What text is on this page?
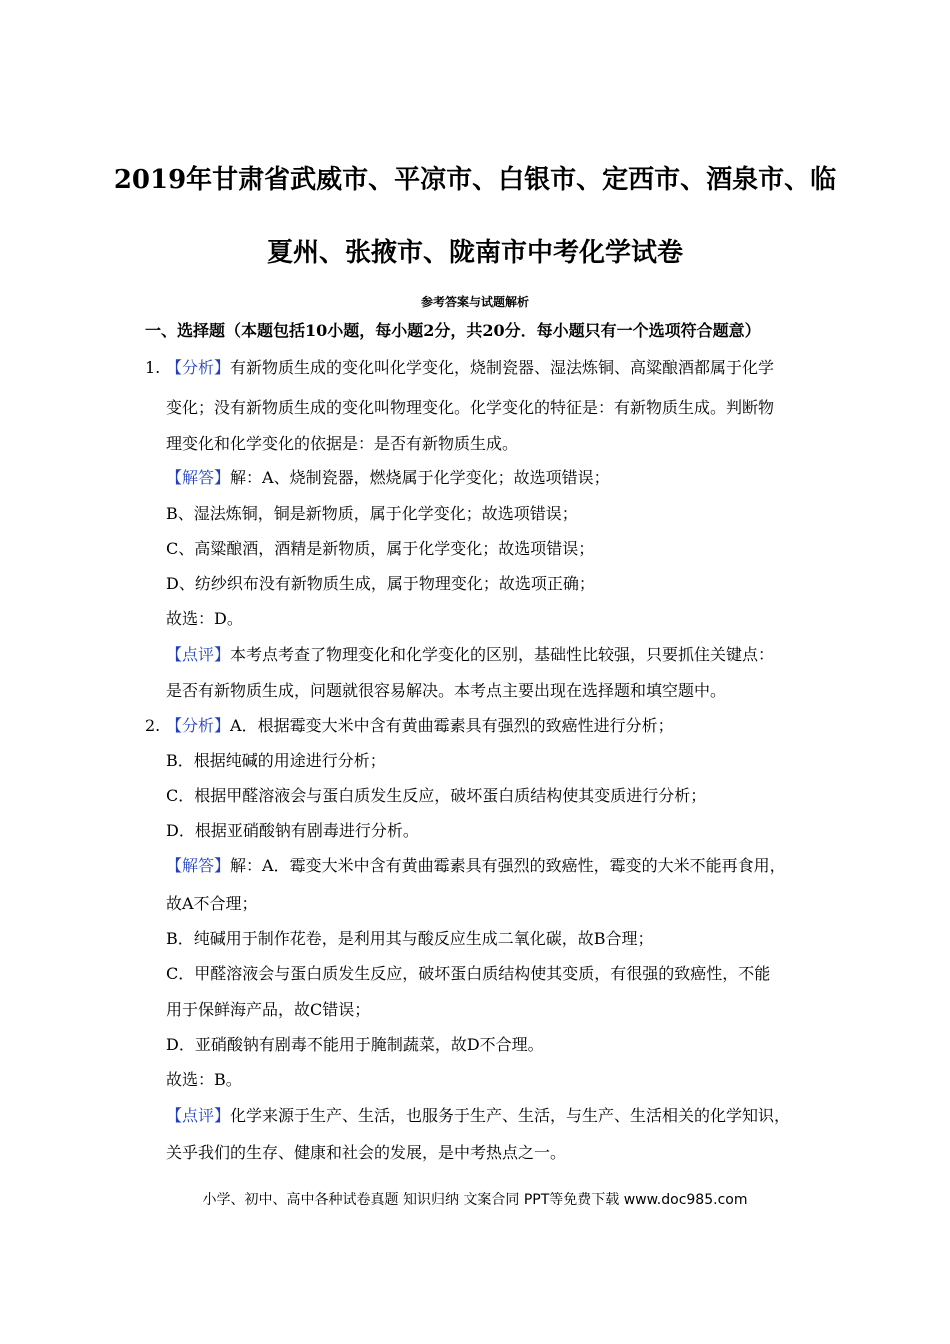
2019年甘肃省武威市、平凉市、白银市、定西市、酒泉市、临
夏州、张掖市、陇南市中考化学试卷
参考答案与试题解析
一、选择题（本题包括10小题，每小题2分，共20分．每小题只有一个选项符合题意）
1. 【分析】有新物质生成的变化叫化学变化，烧制瓷器、湿法炼铜、高粱酿酒都属于化学
变化；没有新物质生成的变化叫物理变化。化学变化的特征是：有新物质生成。判断物
理变化和化学变化的依据是：是否有新物质生成。
【解答】解：A、烧制瓷器，燃烧属于化学变化；故选项错误；
B、湿法炼铜，铜是新物质，属于化学变化；故选项错误；
C、高粱酿酒，酒精是新物质，属于化学变化；故选项错误；
D、纺纱织布没有新物质生成，属于物理变化；故选项正确；
故选：D。
【点评】本考点考查了物理变化和化学变化的区别，基础性比较强，只要抓住关键点：
是否有新物质生成，问题就很容易解决。本考点主要出现在选择题和填空题中。
2. 【分析】A．根据霉变大米中含有黄曲霉素具有强烈的致癌性进行分析；
B．根据纯碱的用途进行分析；
C．根据甲醛溶液会与蛋白质发生反应，破坏蛋白质结构使其变质进行分析；
D．根据亚硝酸钠有剧毒进行分析。
【解答】解：A．霉变大米中含有黄曲霉素具有强烈的致癌性，霉变的大米不能再食用，
故A不合理；
B．纯碱用于制作花卷，是利用其与酸反应生成二氧化碳，故B合理；
C．甲醛溶液会与蛋白质发生反应，破坏蛋白质结构使其变质，有很强的致癌性，不能
用于保鲜海产品，故C错误；
D．亚硝酸钠有剧毒不能用于腌制蔬菜，故D不合理。
故选：B。
【点评】化学来源于生产、生活，也服务于生产、生活，与生产、生活相关的化学知识，
关乎我们的生存、健康和社会的发展，是中考热点之一。
小学、初中、高中各种试卷真题 知识归纳 文案合同 PPT等免费下载 www.doc985.com
